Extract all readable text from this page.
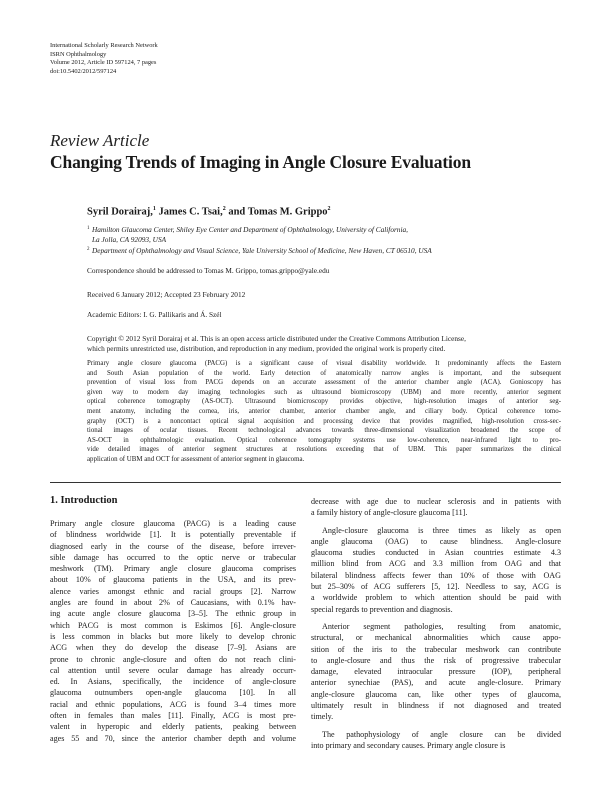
International Scholarly Research Network
ISRN Ophthalmology
Volume 2012, Article ID 597124, 7 pages
doi:10.5402/2012/597124
Review Article
Changing Trends of Imaging in Angle Closure Evaluation
Syril Dorairaj,$^1$ James C. Tsai,$^2$ and Tomas M. Grippo$^2$
1 Hamilton Glaucoma Center, Shiley Eye Center and Department of Ophthalmology, University of California,
La Jolla, CA 92093, USA
2 Department of Ophthalmology and Visual Science, Yale University School of Medicine, New Haven, CT 06510, USA
Correspondence should be addressed to Tomas M. Grippo, tomas.grippo@yale.edu
Received 6 January 2012; Accepted 23 February 2012
Academic Editors: I. G. Pallikaris and Á. Szél
Copyright © 2012 Syril Dorairaj et al. This is an open access article distributed under the Creative Commons Attribution License,
which permits unrestricted use, distribution, and reproduction in any medium, provided the original work is properly cited.
Primary angle closure glaucoma (PACG) is a significant cause of visual disability worldwide. It predominantly affects the Eastern
and South Asian population of the world. Early detection of anatomically narrow angles is important, and the subsequent
prevention of visual loss from PACG depends on an accurate assessment of the anterior chamber angle (ACA). Gonioscopy has
given way to modern day imaging technologies such as ultrasound biomicroscopy (UBM) and more recently, anterior segment
optical coherence tomography (AS-OCT). Ultrasound biomicroscopy provides objective, high-resolution images of anterior seg-
ment anatomy, including the cornea, iris, anterior chamber, anterior chamber angle, and ciliary body. Optical coherence tomo-
graphy (OCT) is a noncontact optical signal acquisition and processing device that provides magnified, high-resolution cross-sec-
tional images of ocular tissues. Recent technological advances towards three-dimensional visualization broadened the scope of
AS-OCT in ophthalmologic evaluation. Optical coherence tomography systems use low-coherence, near-infrared light to pro-
vide detailed images of anterior segment structures at resolutions exceeding that of UBM. This paper summarizes the clinical
application of UBM and OCT for assessment of anterior segment in glaucoma.
1. Introduction
Primary angle closure glaucoma (PACG) is a leading cause
of blindness worldwide [1]. It is potentially preventable if
diagnosed early in the course of the disease, before irrever-
sible damage has occurred to the optic nerve or trabecular
meshwork (TM). Primary angle closure glaucoma comprises
about 10% of glaucoma patients in the USA, and its prev-
alence varies amongst ethnic and racial groups [2]. Narrow
angles are found in about 2% of Caucasians, with 0.1% hav-
ing acute angle closure glaucoma [3–5]. The ethnic group in
which PACG is most common is Eskimos [6]. Angle-closure
is less common in blacks but more likely to develop chronic
ACG when they do develop the disease [7–9]. Asians are
prone to chronic angle-closure and often do not reach clini-
cal attention until severe ocular damage has already occurr-
ed. In Asians, specifically, the incidence of angle-closure
glaucoma outnumbers open-angle glaucoma [10]. In all
racial and ethnic populations, ACG is found 3–4 times more
often in females than males [11]. Finally, ACG is most pre-
valent in hyperopic and elderly patients, peaking between
ages 55 and 70, since the anterior chamber depth and volume
decrease with age due to nuclear sclerosis and in patients with
a family history of angle-closure glaucoma [11].
Angle-closure glaucoma is three times as likely as open
angle glaucoma (OAG) to cause blindness. Angle-closure
glaucoma studies conducted in Asian countries estimate 4.3
million blind from ACG and 3.3 million from OAG and that
bilateral blindness affects fewer than 10% of those with OAG
but 25–30% of ACG sufferers [5, 12]. Needless to say, ACG is
a worldwide problem to which attention should be paid with
special regards to prevention and diagnosis.
Anterior segment pathologies, resulting from anatomic,
structural, or mechanical abnormalities which cause appo-
sition of the iris to the trabecular meshwork can contribute
to angle-closure and thus the risk of progressive trabecular
damage, elevated intraocular pressure (IOP), peripheral
anterior synechiae (PAS), and acute angle-closure. Primary
angle-closure glaucoma can, like other types of glaucoma,
ultimately result in blindness if not diagnosed and treated
timely.
The pathophysiology of angle closure can be divided
into primary and secondary causes. Primary angle closure is
